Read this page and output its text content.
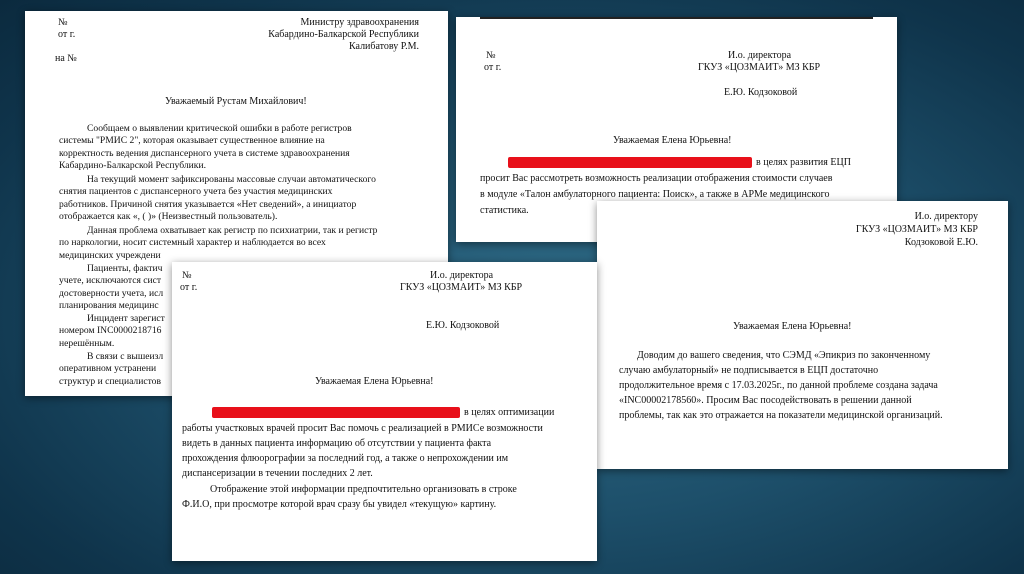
№
от г.
на №
Министру здравоохранения
Кабардино-Балкарской Республики
Калибатову Р.М.
Уважаемый Рустам Михайлович!
Сообщаем о выявлении критической ошибки в работе регистров
системы "РМИС 2", которая оказывает существенное влияние на
корректность ведения диспансерного учета в системе здравоохранения
Кабардино-Балкарской Республики.
На текущий момент зафиксированы массовые случаи автоматического
снятия пациентов с диспансерного учета без участия медицинских
работников. Причиной снятия указывается «Нет сведений», а инициатор
отображается как «, ( )» (Неизвестный пользователь).
Данная проблема охватывает как регистр по психиатрии, так и регистр
по наркологии, носит системный характер и наблюдается во всех
медицинских учреждени
Пациенты, фактич
учете, исключаются сист
достоверности учета, исл
планирования медицинс
Инцидент зарегист
номером INC0000218716
нерешённым.
В связи с вышеизл
оперативном устранени
структур и специалистов
№
от г.
И.о. директора
ГКУЗ «ЦОЗМАИТ» МЗ КБР
Е.Ю. Кодзоковой
Уважаемая Елена Юрьевна!
в целях развития ЕЦП
просит Вас рассмотреть возможность реализации отображения стоимости случаев
в модуле «Талон амбулаторного пациента: Поиск», а также в АРМе медицинского
статистика.
И.о. директору
ГКУЗ «ЦОЗМАИТ» МЗ КБР
Кодзоковой Е.Ю.
Уважаемая Елена Юрьевна!
Доводим до вашего сведения, что СЭМД «Эпикриз по законченному
случаю амбулаторный» не подписывается в ЕЦП достаточно
продолжительное время с 17.03.2025г., по данной проблеме создана задача
«INC00002178560». Просим Вас посодействовать в решении данной
проблемы, так как это отражается на показатели медицинской организаций.
№
от г.
И.о. директора
ГКУЗ «ЦОЗМАИТ» МЗ КБР
Е.Ю. Кодзоковой
Уважаемая Елена Юрьевна!
в целях оптимизации
работы участковых врачей просит Вас помочь с реализацией в РМИСе возможности
видеть в данных пациента информацию об отсутствии у пациента факта
прохождения флюорографии за последний год, а также о непрохождении им
диспансеризации в течении последних 2 лет.
Отображение этой информации предпочтительно организовать в строке
Ф.И.О, при просмотре которой врач сразу бы увидел «текущую» картину.
